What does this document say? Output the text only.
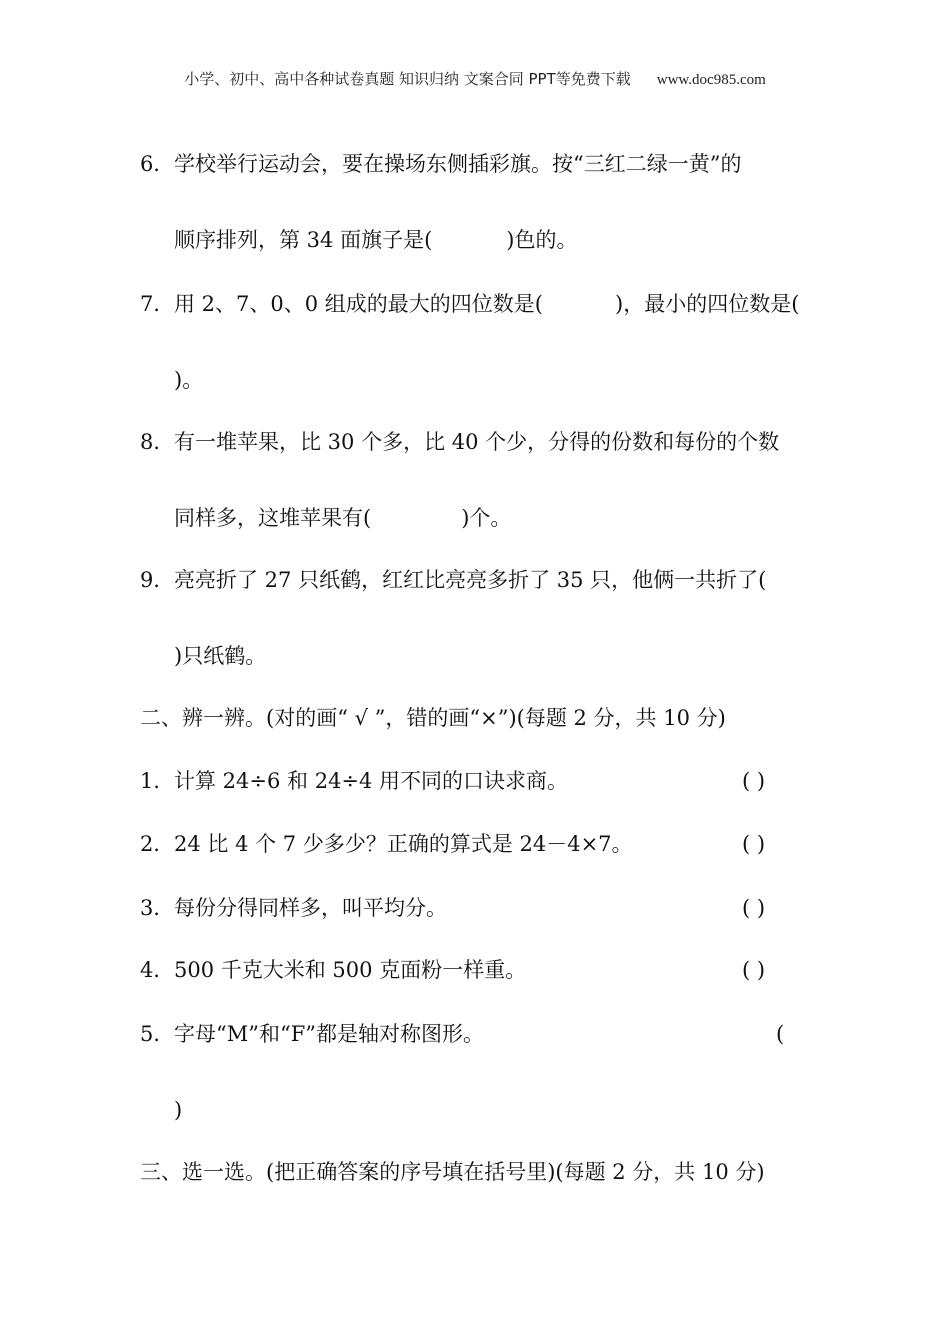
小学、初中、高中各种试卷真题 知识归纳 文案合同 PPT等免费下载 www.doc985.com
6．学校举行运动会，要在操场东侧插彩旗。按“三红二绿一黄”的
顺序排列，第 34 面旗子是(	)色的。
7．用 2、7、0、0 组成的最大的四位数是(	)，最小的四位数是(
)。
8．有一堆苹果，比 30 个多，比 40 个少，分得的份数和每份的个数
同样多，这堆苹果有(	)个。
9．亮亮折了 27 只纸鹤，红红比亮亮多折了 35 只，他俩一共折了(
)只纸鹤。
二、辨一辨。(对的画“ √ ”，错的画“×”)(每题 2 分，共 10 分)
1．计算 24÷6 和 24÷4 用不同的口诀求商。	( )
2．24 比 4 个 7 少多少？正确的算式是 24－4×7。	( )
3．每份分得同样多，叫平均分。	( )
4．500 千克大米和 500 克面粉一样重。	( )
5．字母“M”和“F”都是轴对称图形。	(
)
三、选一选。(把正确答案的序号填在括号里)(每题 2 分，共 10 分)
